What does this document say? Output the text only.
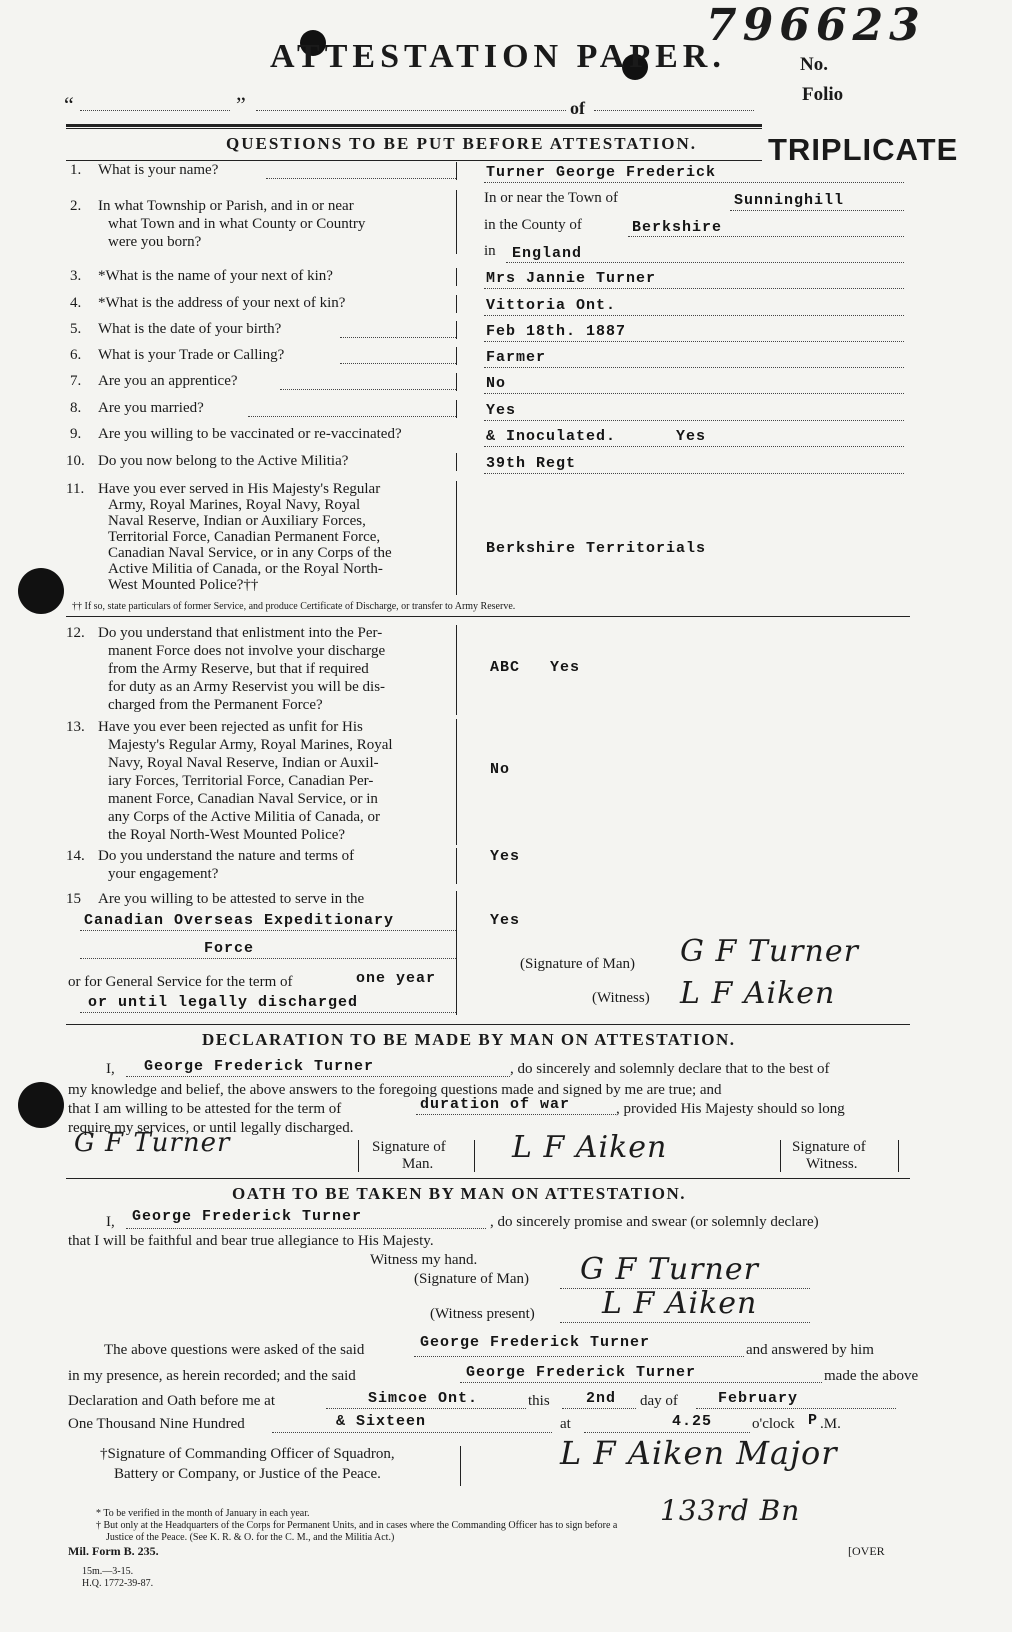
796623
ATTESTATION PAPER.	No.
Folio
“	”	of
TRIPLICATE
QUESTIONS TO BE PUT BEFORE ATTESTATION.
1. What is your name?	Turner George Frederick
2. In what Township or Parish, and in or near
what Town and in what County or Country
were you born?
In or near the Town of	Sunninghill
in the County of	Berkshire
in England
3. *What is the name of your next of kin?	Mrs Jannie Turner
4. *What is the address of your next of kin?	Vittoria Ont.
5. What is the date of your birth?	Feb 18th. 1887
6. What is your Trade or Calling?	Farmer
7. Are you an apprentice?	No
8. Are you married?	Yes
9. Are you willing to be vaccinated or re-vaccinated?	& Inoculated.      Yes
10. Do you now belong to the Active Militia?	39th Regt
11. Have you ever served in His Majesty's Regular
Army, Royal Marines, Royal Navy, Royal
Naval Reserve, Indian or Auxiliary Forces,
Territorial Force, Canadian Permanent Force,
Canadian Naval Service, or in any Corps of the
Active Militia of Canada, or the Royal North-
West Mounted Police?††
Berkshire Territorials
†† If so, state particulars of former Service, and produce Certificate of Discharge, or transfer to Army Reserve.
12. Do you understand that enlistment into the Per-
manent Force does not involve your discharge
from the Army Reserve, but that if required
for duty as an Army Reservist you will be dis-
charged from the Permanent Force?
ABC   Yes
13. Have you ever been rejected as unfit for His
Majesty's Regular Army, Royal Marines, Royal
Navy, Royal Naval Reserve, Indian or Auxil-
iary Forces, Territorial Force, Canadian Per-
manent Force, Canadian Naval Service, or in
any Corps of the Active Militia of Canada, or
the Royal North-West Mounted Police?
No
14. Do you understand the nature and terms of
your engagement?
Yes
15 Are you willing to be attested to serve in the
Canadian Overseas Expeditionary
Force
or for General Service for the term of	one year
or until legally discharged
Yes
(Signature of Man) G F Turner
(Witness) L F Aiken
DECLARATION TO BE MADE BY MAN ON ATTESTATION.
I, George Frederick Turner	, do sincerely and solemnly declare that to the best of
my knowledge and belief, the above answers to the foregoing questions made and signed by me are true; and
that I am willing to be attested for the term of	duration of war	, provided His Majesty should so long
require my services, or until legally discharged.
G F Turner	Signature of
Man.	L F Aiken	Signature of
Witness.
OATH TO BE TAKEN BY MAN ON ATTESTATION.
I, George Frederick Turner	, do sincerely promise and swear (or solemnly declare)
that I will be faithful and bear true allegiance to His Majesty.
Witness my hand.
(Signature of Man) G F Turner
(Witness present) L F Aiken
The above questions were asked of the said	George Frederick Turner	and answered by him
in my presence, as herein recorded; and the said	George Frederick Turner	made the above
Declaration and Oath before me at	Simcoe Ont.	this 2nd day of	February
One Thousand Nine Hundred	& Sixteen	at	4.25	o'clock P .M.
†Signature of Commanding Officer of Squadron,
Battery or Company, or Justice of the Peace.
L F Aiken Major
133rd Bn
* To be verified in the month of January in each year.
† But only at the Headquarters of the Corps for Permanent Units, and in cases where the Commanding Officer has to sign before a
Justice of the Peace. (See K. R. & O. for the C. M., and the Militia Act.)
Mil. Form B. 235.	[OVER
15m.—3-15.
H.Q. 1772-39-87.
